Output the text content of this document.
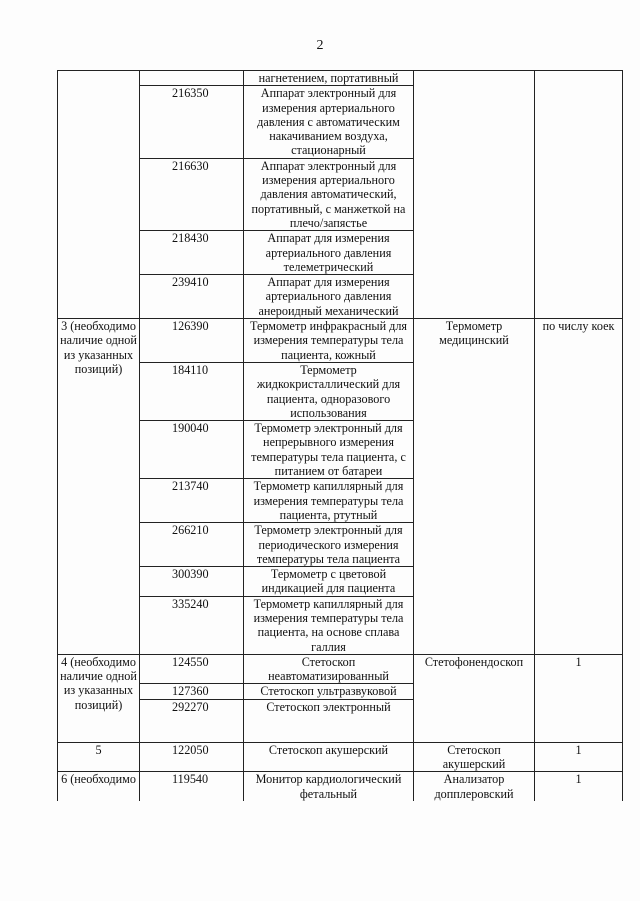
2
		нагнетением, портативный		
	216350	Аппарат электронный для измерения артериального давления с автоматическим накачиванием воздуха, стационарный		
	216630	Аппарат электронный для измерения артериального давления автоматический, портативный, с манжеткой на плечо/запястье		
	218430	Аппарат для измерения артериального давления телеметрический		
	239410	Аппарат для измерения артериального давления анероидный механический		
3 (необходимо наличие одной из указанных позиций)	126390	Термометр инфракрасный для измерения температуры тела пациента, кожный	Термометр медицинский	по числу коек
	184110	Термометр жидкокристаллический для пациента, одноразового использования		
	190040	Термометр электронный для непрерывного измерения температуры тела пациента, с питанием от батареи		
	213740	Термометр капиллярный для измерения температуры тела пациента, ртутный		
	266210	Термометр электронный для периодического измерения температуры тела пациента		
	300390	Термометр с цветовой индикацией для пациента		
	335240	Термометр капиллярный для измерения температуры тела пациента, на основе сплава галлия		
4 (необходимо наличие одной из указанных позиций)	124550	Стетоскоп неавтоматизированный	Стетофонендоскоп	1
	127360	Стетоскоп ультразвуковой		
	292270	Стетоскоп электронный		
5	122050	Стетоскоп акушерский	Стетоскоп акушерский	1
6 (необходимо	119540	Монитор кардиологический фетальный	Анализатор допплеровский	1
